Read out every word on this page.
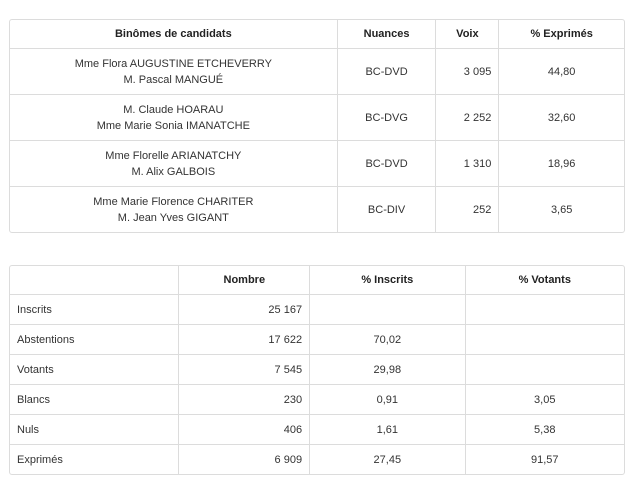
Binômes de candidats	Nuances	Voix	% Exprimés

Mme Flora AUGUSTINE ETCHEVERRY
M. Pascal MANGUÉ	BC-DVD	3 095	44,80

M. Claude HOARAU
Mme Marie Sonia IMANATCHE	BC-DVG	2 252	32,60

Mme Florelle ARIANATCHY
M. Alix GALBOIS	BC-DVD	1 310	18,96

Mme Marie Florence CHARITER
M. Jean Yves GIGANT	BC-DIV	252	3,65
	Nombre	% Inscrits	% Votants
Inscrits	25 167		
Abstentions	17 622	70,02	
Votants	7 545	29,98	
Blancs	230	0,91	3,05
Nuls	406	1,61	5,38
Exprimés	6 909	27,45	91,57
